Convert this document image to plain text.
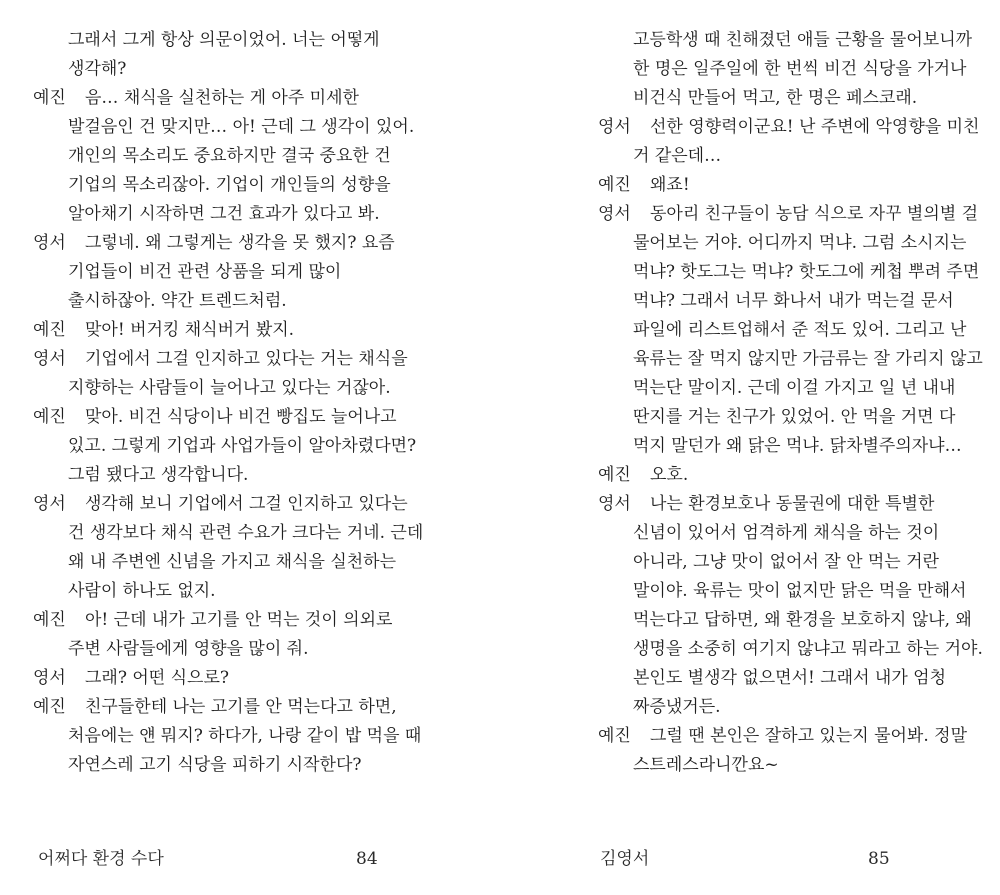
그래서 그게 항상 의문이었어. 너는 어떻게
생각해?
예진	음… 채식을 실천하는 게 아주 미세한
발걸음인 건 맞지만… 아! 근데 그 생각이 있어.
개인의 목소리도 중요하지만 결국 중요한 건
기업의 목소리잖아. 기업이 개인들의 성향을
알아채기 시작하면 그건 효과가 있다고 봐.
영서	그렇네. 왜 그렇게는 생각을 못 했지? 요즘
기업들이 비건 관련 상품을 되게 많이
출시하잖아. 약간 트렌드처럼.
예진	맞아! 버거킹 채식버거 봤지.
영서	기업에서 그걸 인지하고 있다는 거는 채식을
지향하는 사람들이 늘어나고 있다는 거잖아.
예진	맞아. 비건 식당이나 비건 빵집도 늘어나고
있고. 그렇게 기업과 사업가들이 알아차렸다면?
그럼 됐다고 생각합니다.
영서	생각해 보니 기업에서 그걸 인지하고 있다는
건 생각보다 채식 관련 수요가 크다는 거네. 근데
왜 내 주변엔 신념을 가지고 채식을 실천하는
사람이 하나도 없지.
예진	아! 근데 내가 고기를 안 먹는 것이 의외로
주변 사람들에게 영향을 많이 줘.
영서	그래? 어떤 식으로?
예진	친구들한테 나는 고기를 안 먹는다고 하면,
처음에는 얜 뭐지? 하다가, 나랑 같이 밥 먹을 때
자연스레 고기 식당을 피하기 시작한다?
고등학생 때 친해졌던 애들 근황을 물어보니까
한 명은 일주일에 한 번씩 비건 식당을 가거나
비건식 만들어 먹고, 한 명은 페스코래.
영서	선한 영향력이군요! 난 주변에 악영향을 미친
거 같은데…
예진	왜죠!
영서	동아리 친구들이 농담 식으로 자꾸 별의별 걸
물어보는 거야. 어디까지 먹냐. 그럼 소시지는
먹냐? 핫도그는 먹냐? 핫도그에 케첩 뿌려 주면
먹냐? 그래서 너무 화나서 내가 먹는걸 문서
파일에 리스트업해서 준 적도 있어. 그리고 난
육류는 잘 먹지 않지만 가금류는 잘 가리지 않고
먹는단 말이지. 근데 이걸 가지고 일 년 내내
딴지를 거는 친구가 있었어. 안 먹을 거면 다
먹지 말던가 왜 닭은 먹냐. 닭차별주의자냐…
예진	오호.
영서	나는 환경보호나 동물권에 대한 특별한
신념이 있어서 엄격하게 채식을 하는 것이
아니라, 그냥 맛이 없어서 잘 안 먹는 거란
말이야. 육류는 맛이 없지만 닭은 먹을 만해서
먹는다고 답하면, 왜 환경을 보호하지 않냐, 왜
생명을 소중히 여기지 않냐고 뭐라고 하는 거야.
본인도 별생각 없으면서! 그래서 내가 엄청
짜증냈거든.
예진	그럴 땐 본인은 잘하고 있는지 물어봐. 정말
스트레스라니깐요~
어쩌다 환경 수다	84	김영서	85
